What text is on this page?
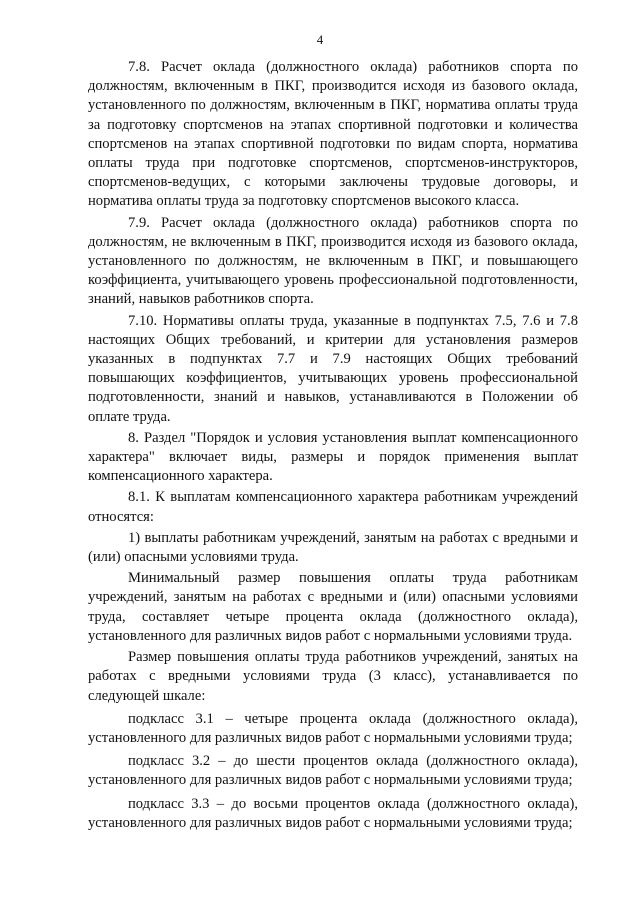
4

7.8. Расчет оклада (должностного оклада) работников спорта по должностям, включенным в ПКГ, производится исходя из базового оклада, установленного по должностям, включенным в ПКГ, норматива оплаты труда за подготовку спортсменов на этапах спортивной подготовки и количества спортсменов на этапах спортивной подготовки по видам спорта, норматива оплаты труда при подготовке спортсменов, спортсменов-инструкторов, спортсменов-ведущих, с которыми заключены трудовые договоры, и норматива оплаты труда за подготовку спортсменов высокого класса.

7.9. Расчет оклада (должностного оклада) работников спорта по должностям, не включенным в ПКГ, производится исходя из базового оклада, установленного по должностям, не включенным в ПКГ, и повышающего коэффициента, учитывающего уровень профессиональной подготовленности, знаний, навыков работников спорта.

7.10. Нормативы оплаты труда, указанные в подпунктах 7.5, 7.6 и 7.8 настоящих Общих требований, и критерии для установления размеров указанных в подпунктах 7.7 и 7.9 настоящих Общих требований повышающих коэффициентов, учитывающих уровень профессиональной подготовленности, знаний и навыков, устанавливаются в Положении об оплате труда.

8. Раздел "Порядок и условия установления выплат компенсационного характера" включает виды, размеры и порядок применения выплат компенсационного характера.

8.1. К выплатам компенсационного характера работникам учреждений относятся:

1) выплаты работникам учреждений, занятым на работах с вредными и (или) опасными условиями труда.

Минимальный размер повышения оплаты труда работникам учреждений, занятым на работах с вредными и (или) опасными условиями труда, составляет четыре процента оклада (должностного оклада), установленного для различных видов работ с нормальными условиями труда.

Размер повышения оплаты труда работников учреждений, занятых на работах с вредными условиями труда (3 класс), устанавливается по следующей шкале:

подкласс 3.1 – четыре процента оклада (должностного оклада), установленного для различных видов работ с нормальными условиями труда;

подкласс 3.2 – до шести процентов оклада (должностного оклада), установленного для различных видов работ с нормальными условиями труда;

подкласс 3.3 – до восьми процентов оклада (должностного оклада), установленного для различных видов работ с нормальными условиями труда;
